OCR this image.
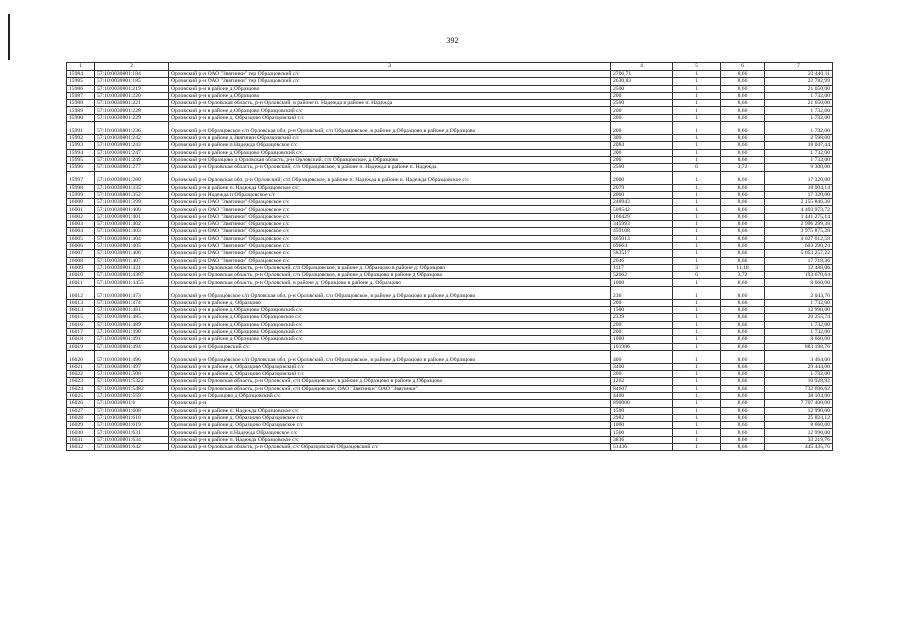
392
1	2	3	4	5	6	7
15984	57:10:0030801:184	Орловский р-н ОАО "Звягинки" тер Образцовский с/с	2706,71	1	8,66	23 440,11
15985	57:10:0030801:185	Орловский р-н ОАО "Звягинки" тер Образцовский с/с	2630,83	1	8,66	22 782,99
15986	57:10:0030801:219	Орловский р-н в районе д.Образцово	2500	1	8,66	21 650,00
15987	57:10:0030801:220	Орловский р-н в районе д.Образцово	200	1	8,66	1 732,00
15988	57:10:0030801:221	Орловский р-н Орловская область, р-н Орловский, в районе п. Надежда в районе п. Надежда	2500	1	8,66	21 650,00
15989	57:10:0030801:228	Орловский р-н в районе д.Образцово Образцовский с/с	200	1	8,66	1 732,00
15990	57:10:0030801:229	Орловский р-н в районе д. Образцово Образцовский с/с	200	1	8,66	1 732,00
15991	57:10:0030801:236	Орловский р-н Образцовское с/п Орловская обл, р-н Орловский, с/п Образцовское, в районе д.Образцово в районе д.Образцово	200	1	8,66	1 732,00
15992	57:10:0030801:242	Орловский р-н в районе д.Звягинки Образцовский с/с	300	1	8,66	2 598,00
15993	57:10:0030801:243	Орловский р-н в районе п.Надежда Образцовское с/с	2084	1	8,66	18 047,44
15994	57:10:0030801:247	Орловский р-н в районе д.Образцово Образцовский с/с	200	1	8,66	1 732,00
15995	57:10:0030801:249	Орловский р-н Образцово д Орловская область, р-н Орловский, с/п Образцовское, д Образцово	200	1	8,66	1 732,00
15996	57:10:0030801:277	Орловский р-н Орловская область, р-н Орловский, с/п Образцовское, в районе п. Надежда в районе п. Надежда	2500	6	3,72	9 300,00
15997	57:10:0030801:280	Орловский р-н Орловская обл, р-н Орловский, с/п Образцовское, в районе п. Надежда в районе п. Надежда Образцовское с/с	2000	1	8,66	17 320,00
15998	57:10:0030801:335	Орловский р-н в районе п. Надежда Образцовское с/с	2079	1	8,66	18 004,14
15999	57:10:0030801:352	Орловский р-н Надежда п Образцовское с/с	2000	1	8,66	17 320,00
16000	57:10:0030801:399	Орловский р-н ОАО "Звягинки" Образцовское с/с	248943	1	8,66	2 155 846,38
16001	57:10:0030801:400	Орловский р-н ОАО "Звягинки" Образцовское с/с	508542	1	8,66	4 403 973,72
16002	57:10:0030801:401	Орловский р-н ОАО "Звягинки" Образцовское с/с	166429	1	8,66	1 441 275,14
16003	57:10:0030801:402	Орловский р-н ОАО "Звягинки" Образцовское с/с	345993	1	8,66	2 996 299,38
16004	57:10:0030801:403	Орловский р-н ОАО "Звягинки" Образцовское с/с	459108	1	8,66	3 975 875,28
16005	57:10:0030801:404	Орловский р-н ОАО "Звягинки" Образцовское с/с	465013	1	8,66	4 027 012,58
16006	57:10:0030801:405	Орловский р-н ОАО "Звягинки" Образцовское с/с	69664	1	8,66	603 290,24
16007	57:10:0030801:406	Орловский р-н ОАО "Звягинки" Образцовское с/с	583517	1	8,66	5 053 257,22
16008	57:10:0030801:407	Орловский р-н ОАО "Звягинки" Образцовское с/с	2046	1	8,66	17 718,36
16009	57:10:0030801:431	Орловский р-н Орловская область, р-н Орловский, с/п Образцовское, в районе д. Образцово в районе д. Образцово	1117	3	11,18	12 488,06
16010	57:10:0030801:4387	Орловский р-н Орловская область, р-н Орловский, с/п Образцовское, в районе д Образцово в районе д Образцово	52062	6	3,72	193 670,64
16011	57:10:0030801:4455	Орловский р-н Орловская область, р-н Орловский, в районе д. Образцово в районе д. Образцово	1000	1	8,66	8 660,00
16012	57:10:0030801:473	Орловский р-н Образцовское с/п Орловская обл, р-н Орловский, с/п Образцовское, в районе д.Образцово в районе д.Образцово	236	1	8,66	2 043,76
16013	57:10:0030801:474	Орловский р-н в районе д. Образцово	200	1	8,66	1 732,00
16014	57:10:0030801:481	Орловский р-н в районе д.Образцово Образцовский с/с	1500	1	8,66	12 990,00
16015	57:10:0030801:485	Орловский р-н в районе д.Образцово Образцовское с/с	2339	1	8,66	20 255,74
16016	57:10:0030801:489	Орловский р-н в районе д.Образцово Образцовский с/с	200	1	8,66	1 732,00
16017	57:10:0030801:490	Орловский р-н в районе д.Образцово Образцовский с/с	200	1	8,66	1 732,00
16018	57:10:0030801:491	Орловский р-н в районе д.Образцово Образцовский с/с	1000	1	8,66	8 660,00
16019	57:10:0030801:494	Орловский р-н Образцовский с/с	101986	1	8,66	883 198,76
16020	57:10:0030801:496	Орловский р-н Образцовское с/п Орловская обл, р-н Орловский, с/п Образцовское, в районе д.Образцово в районе д.Образцово	400	1	8,66	3 464,00
16021	57:10:0030801:497	Орловский р-н в районе д. Образцово Образцовский с/с	3400	1	8,66	29 444,00
16022	57:10:0030801:508	Орловский р-н в районе д. Образцово Образцовский с/с	200	1	8,66	1 732,00
16023	57:10:0030801:5322	Орловский р-н Орловская область, р-н Орловский, с/п Образцовское, в районе д.Образцово в районе д.Образцово	1262	1	8,66	10 928,92
16024	57:10:0030801:5482	Орловский р-н Орловская область, р-н Орловский, с/п Образцовское, ОАО "Звягинки" ОАО "Звягинки"	84607	1	8,66	732 696,62
16025	57:10:0030801:559	Орловский р-н Образцово д Образцовский с/с	4400	1	8,66	38 104,00
16026	57:10:0030801:6	Орловский р-н	890000	1	8,66	7 707 400,00
16027	57:10:0030801:608	Орловский р-н в районе п. Надежда Образцовское с/с	1500	1	8,66	12 990,00
16028	57:10:0030801:610	Орловский р-н в районе д. Образцово Образцовское с/с	2982	1	8,66	25 824,12
16029	57:10:0030801:619	Орловский р-н в районе д. Образцово Образцовское с/с	1000	1	8,66	8 660,00
16030	57:10:0030801:631	Орловский р-н в районе п.Надежда Образцовское с/с	1500	1	8,66	12 990,00
16031	57:10:0030801:634	Орловский р-н в районе п. Надежда Образцовское с/с	3836	1	8,66	33 219,76
16032	57:10:0030801:642	Орловский р-н Орловская область, р-н Орловский, с/с Образцовский Образцовский с/с	51436	1	8,66	445 435,76
